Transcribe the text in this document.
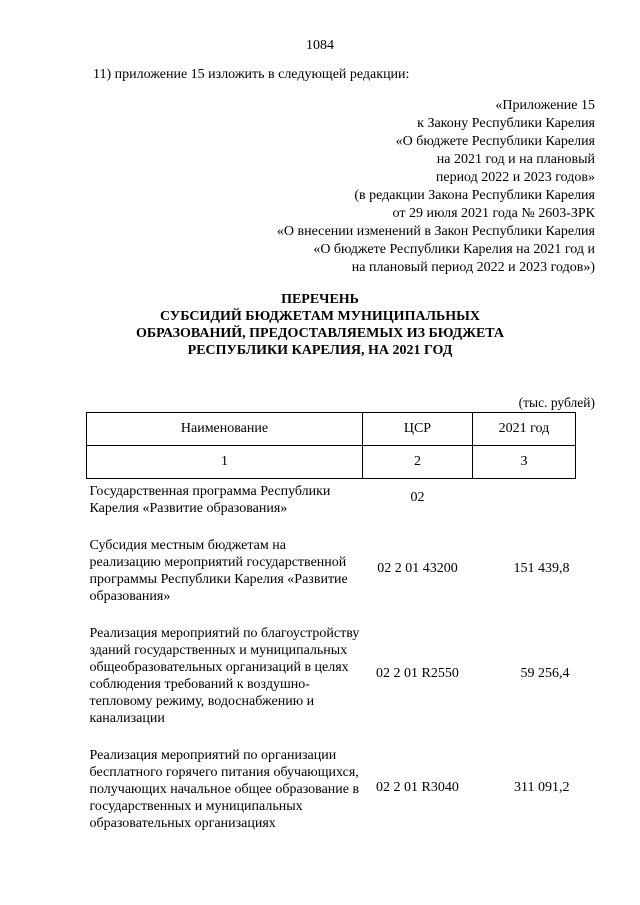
1084
11) приложение 15 изложить в следующей редакции:
«Приложение 15
к Закону Республики Карелия
«О бюджете Республики Карелия
на 2021 год и на плановый
период 2022 и 2023 годов»
(в редакции Закона Республики Карелия
от 29 июля 2021 года № 2603-ЗРК
«О внесении изменений в Закон Республики Карелия
«О бюджете Республики Карелия на 2021 год и
на плановый период 2022 и 2023 годов»)
ПЕРЕЧЕНЬ
СУБСИДИЙ БЮДЖЕТАМ МУНИЦИПАЛЬНЫХ
ОБРАЗОВАНИЙ, ПРЕДОСТАВЛЯЕМЫХ ИЗ БЮДЖЕТА
РЕСПУБЛИКИ КАРЕЛИЯ, НА 2021 ГОД
(тыс. рублей)
Наименование	ЦСР	2021 год
1	2	3
Государственная программа Республики Карелия «Развитие образования»	02	

Субсидия местным бюджетам на реализацию мероприятий государственной программы Республики Карелия «Развитие образования»	02 2 01 43200	151 439,8

Реализация мероприятий по благоустройству зданий государственных и муниципальных общеобразовательных организаций в целях соблюдения требований к воздушно-тепловому режиму, водоснабжению и канализации	02 2 01 R2550	59 256,4

Реализация мероприятий по организации бесплатного горячего питания обучающихся, получающих начальное общее образование в государственных и муниципальных образовательных организациях	02 2 01 R3040	311 091,2
